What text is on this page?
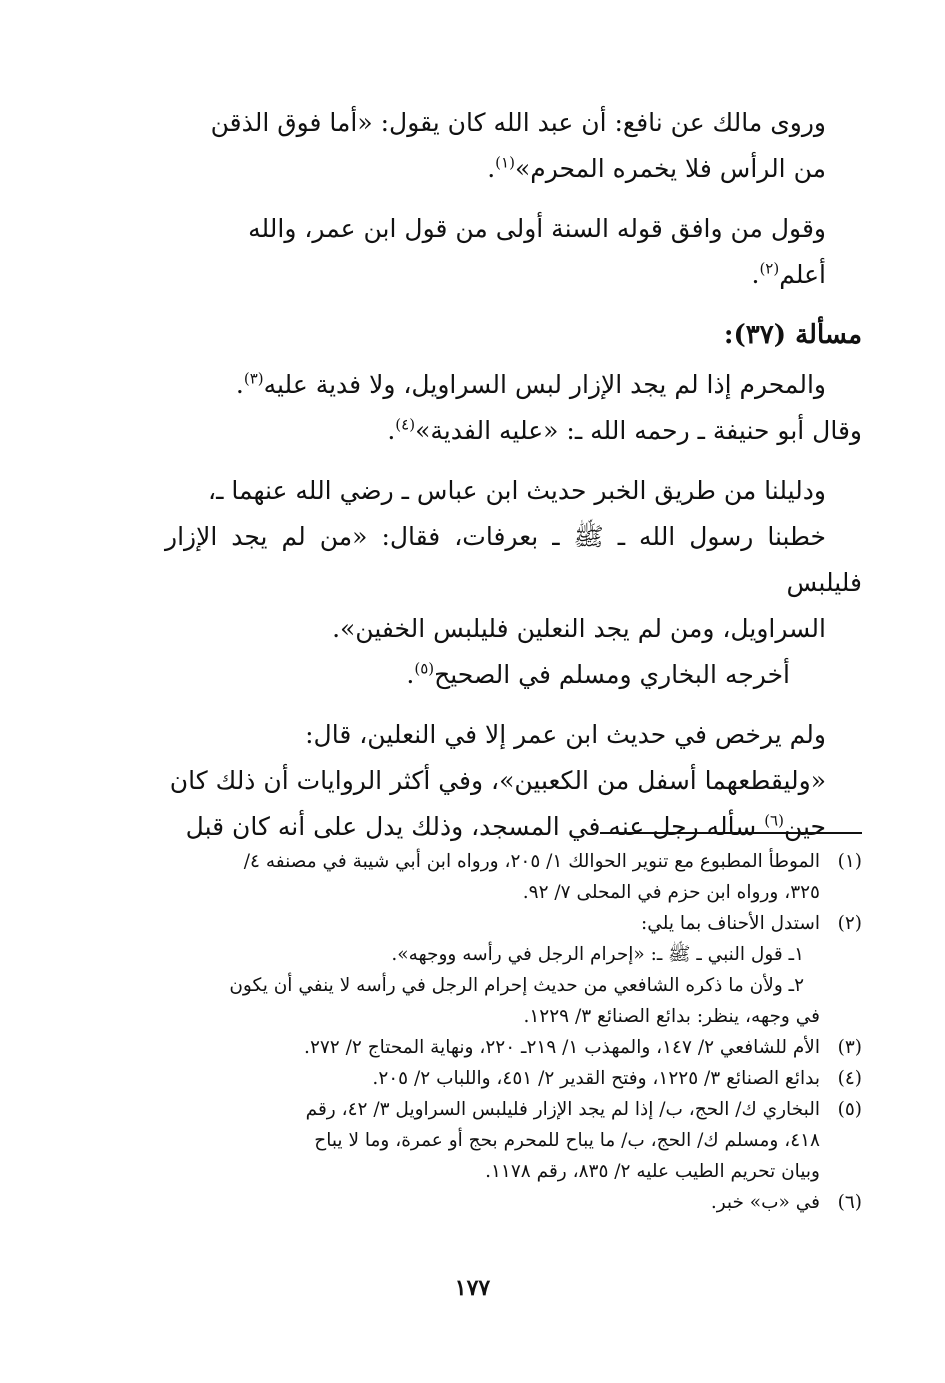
وروى مالك عن نافع: أن عبد الله كان يقول: «أما فوق الذقن
من الرأس فلا يخمره المحرم»$^{(١)}$.

وقول من وافق قوله السنة أولى من قول ابن عمر، والله
أعلم$^{(٢)}$.

مسألة (٣٧):

والمحرم إذا لم يجد الإزار لبس السراويل، ولا فدية عليه$^{(٣)}$.
وقال أبو حنيفة ـ رحمه الله ـ: «عليه الفدية»$^{(٤)}$.

ودليلنا من طريق الخبر حديث ابن عباس ـ رضي الله عنهما ـ،
خطبنا رسول الله ـ ﷺ ـ بعرفات، فقال: «من لم يجد الإزار فليلبس
السراويل، ومن لم يجد النعلين فليلبس الخفين».
أخرجه البخاري ومسلم في الصحيح$^{(٥)}$.

ولم يرخص في حديث ابن عمر إلا في النعلين، قال:
«وليقطعهما أسفل من الكعبين»، وفي أكثر الروايات أن ذلك كان
حين$^{(٦)}$ سأله رجل عنه في المسجد، وذلك يدل على أنه كان قبل

(١)
الموطأ المطبوع مع تنوير الحوالك ١/ ٢٠٥، ورواه ابن أبي شيبة في مصنفه ٤/
٣٢٥، ورواه ابن حزم في المحلى ٧/ ٩٢.
(٢)
استدل الأحناف بما يلي:
١ـ قول النبي ـ ﷺ ـ: «إحرام الرجل في رأسه ووجهه».
٢ـ ولأن ما ذكره الشافعي من حديث إحرام الرجل في رأسه لا ينفي أن يكون
في وجهه، ينظر: بدائع الصنائع ٣/ ١٢٢٩.
(٣)
الأم للشافعي ٢/ ١٤٧، والمهذب ١/ ٢١٩ـ ٢٢٠، ونهاية المحتاج ٢/ ٢٧٢.
(٤)
بدائع الصنائع ٣/ ١٢٢٥، وفتح القدير ٢/ ٤٥١، واللباب ٢/ ٢٠٥.
(٥)
البخاري ك/ الحج، ب/ إذا لم يجد الإزار فليلبس السراويل ٣/ ٤٢، رقم
٤١٨، ومسلم ك/ الحج، ب/ ما يباح للمحرم بحج أو عمرة، وما لا يباح
وبيان تحريم الطيب عليه ٢/ ٨٣٥، رقم ١١٧٨.
(٦)
في «ب» خبر.
١٧٧
